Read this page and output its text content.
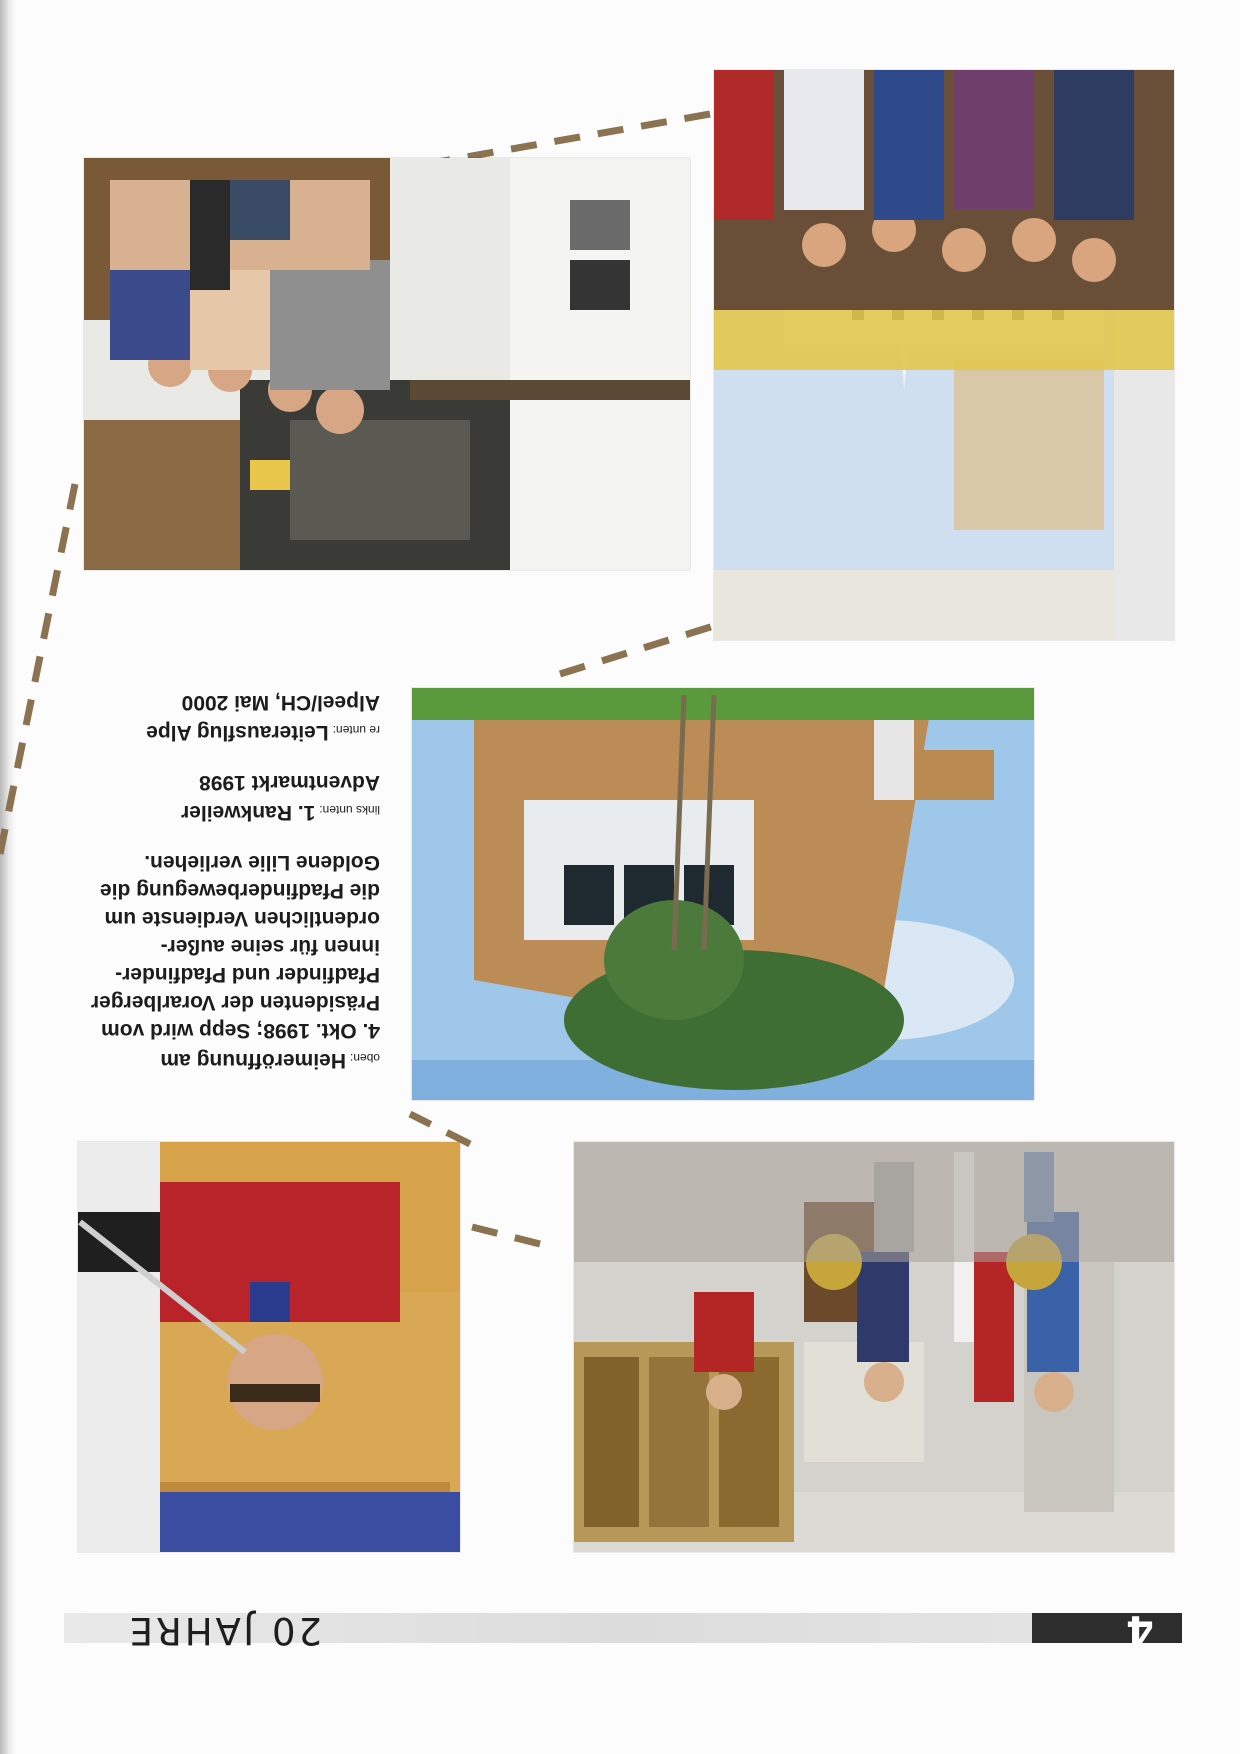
4
20 JAHRE
oben:Heimeröffnung am
4. Okt. 1998; Sepp wird vom
Präsidenten der Vorarlberger
Pfadfinder und Pfadfinder-
innen für seine außer-
ordentlichen Verdienste um
die Pfadfinderbewegung die
Goldene Lilie verliehen.
links unten:1. Rankweiler
Adventmarkt 1998
re unten:Leiterausflug Alpe
Alpeel/CH, Mai 2000
